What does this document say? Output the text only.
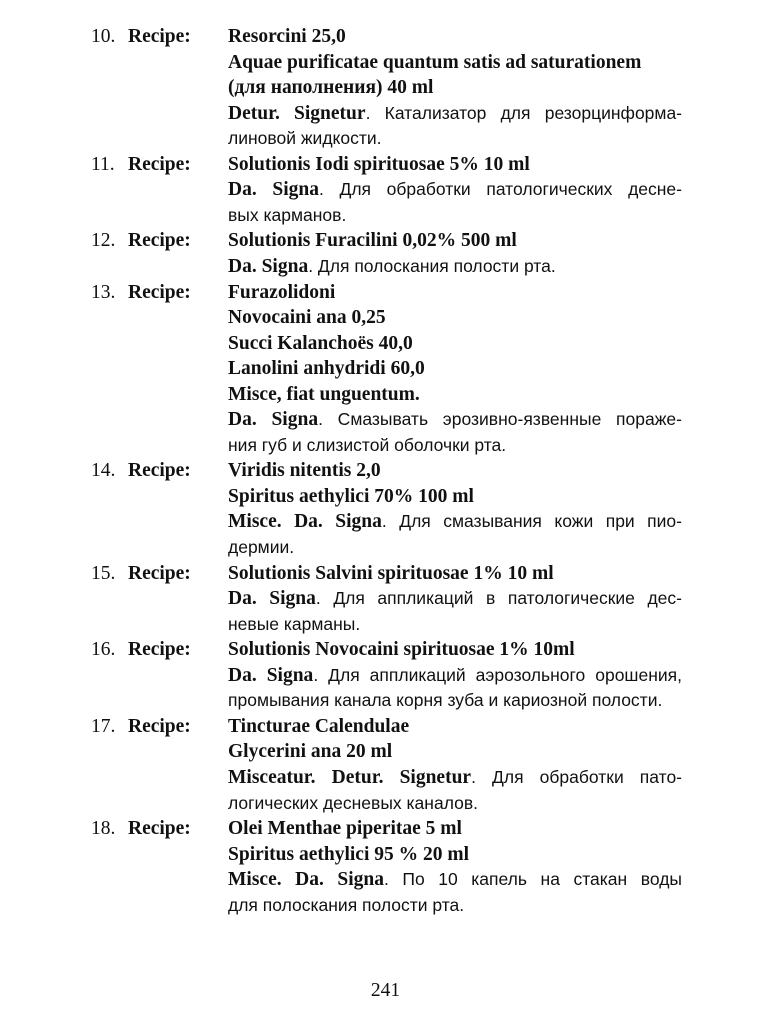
10. Recipe: Resorcini 25,0
Aquae purificatae quantum satis ad saturationem
(для наполнения) 40 ml
Detur. Signetur. Катализатор для резорцинформа-
линовой жидкости.
11. Recipe: Solutionis Iodi spirituosae 5% 10 ml
Da. Signa. Для обработки патологических десне-
вых карманов.
12. Recipe: Solutionis Furacilini 0,02% 500 ml
Da. Signa. Для полоскания полости рта.
13. Recipe: Furazolidoni
Novocaini ana 0,25
Succi Kalanchoës 40,0
Lanolini anhydridi 60,0
Misce, fiat unguentum.
Da. Signa. Смазывать эрозивно-язвенные пораже-
ния губ и слизистой оболочки рта.
14. Recipe: Viridis nitentis 2,0
Spiritus aethylici 70% 100 ml
Misce. Da. Signa. Для смазывания кожи при пио-
дермии.
15. Recipe: Solutionis Salvini spirituosae 1% 10 ml
Da. Signa. Для аппликаций в патологические дес-
невые карманы.
16. Recipe: Solutionis Novocaini spirituosae 1% 10ml
Da. Signa. Для аппликаций аэрозольного орошения,
промывания канала корня зуба и кариозной полости.
17. Recipe: Tincturae Calendulae
Glycerini ana 20 ml
Misceatur. Detur. Signetur. Для обработки пато-
логических десневых каналов.
18. Recipe: Olei Menthae piperitae 5 ml
Spiritus aethylici 95 % 20 ml
Misce. Da. Signa. По 10 капель на стакан воды
для полоскания полости рта.
241
